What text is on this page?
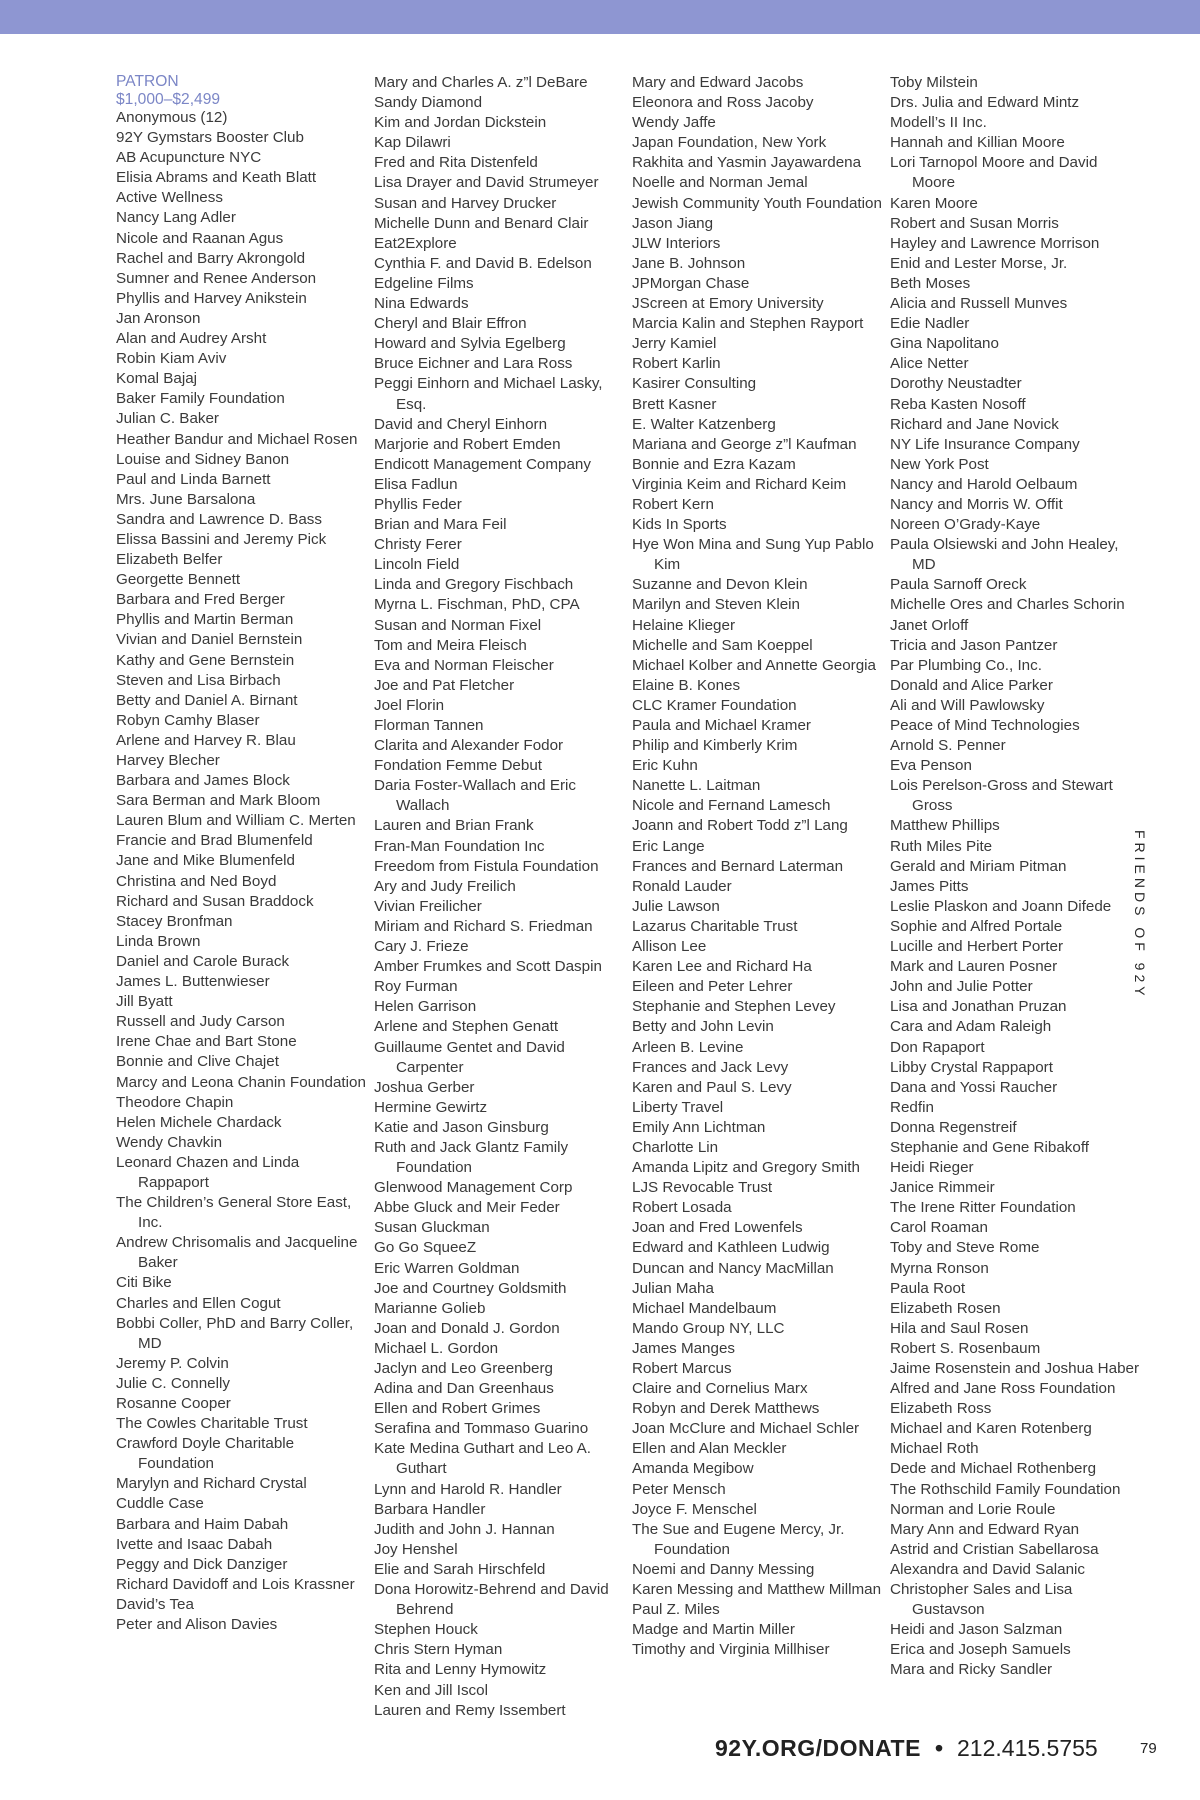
PATRON
$1,000–$2,499
Anonymous (12)
92Y Gymstars Booster Club
AB Acupuncture NYC
Elisia Abrams and Keath Blatt
Active Wellness
Nancy Lang Adler
Nicole and Raanan Agus
Rachel and Barry Akrongold
Sumner and Renee Anderson
Phyllis and Harvey Anikstein
Jan Aronson
Alan and Audrey Arsht
Robin Kiam Aviv
Komal Bajaj
Baker Family Foundation
Julian C. Baker
Heather Bandur and Michael Rosen
Louise and Sidney Banon
Paul and Linda Barnett
Mrs. June Barsalona
Sandra and Lawrence D. Bass
Elissa Bassini and Jeremy Pick
Elizabeth Belfer
Georgette Bennett
Barbara and Fred Berger
Phyllis and Martin Berman
Vivian and Daniel Bernstein
Kathy and Gene Bernstein
Steven and Lisa Birbach
Betty and Daniel A. Birnant
Robyn Camhy Blaser
Arlene and Harvey R. Blau
Harvey Blecher
Barbara and James Block
Sara Berman and Mark Bloom
Lauren Blum and William C. Merten
Francie and Brad Blumenfeld
Jane and Mike Blumenfeld
Christina and Ned Boyd
Richard and Susan Braddock
Stacey Bronfman
Linda Brown
Daniel and Carole Burack
James L. Buttenwieser
Jill Byatt
Russell and Judy Carson
Irene Chae and Bart Stone
Bonnie and Clive Chajet
Marcy and Leona Chanin Foundation
Theodore Chapin
Helen Michele Chardack
Wendy Chavkin
Leonard Chazen and Linda Rappaport
The Children’s General Store East, Inc.
Andrew Chrisomalis and Jacqueline Baker
Citi Bike
Charles and Ellen Cogut
Bobbi Coller, PhD and Barry Coller, MD
Jeremy P. Colvin
Julie C. Connelly
Rosanne Cooper
The Cowles Charitable Trust
Crawford Doyle Charitable Foundation
Marylyn and Richard Crystal
Cuddle Case
Barbara and Haim Dabah
Ivette and Isaac Dabah
Peggy and Dick Danziger
Richard Davidoff and Lois Krassner
David’s Tea
Peter and Alison Davies
Mary and Charles A. z”l DeBare
Sandy Diamond
Kim and Jordan Dickstein
Kap Dilawri
Fred and Rita Distenfeld
Lisa Drayer and David Strumeyer
Susan and Harvey Drucker
Michelle Dunn and Benard Clair
Eat2Explore
Cynthia F. and David B. Edelson
Edgeline Films
Nina Edwards
Cheryl and Blair Effron
Howard and Sylvia Egelberg
Bruce Eichner and Lara Ross
Peggi Einhorn and Michael Lasky, Esq.
David and Cheryl Einhorn
Marjorie and Robert Emden
Endicott Management Company
Elisa Fadlun
Phyllis Feder
Brian and Mara Feil
Christy Ferer
Lincoln Field
Linda and Gregory Fischbach
Myrna L. Fischman, PhD, CPA
Susan and Norman Fixel
Tom and Meira Fleisch
Eva and Norman Fleischer
Joe and Pat Fletcher
Joel Florin
Florman Tannen
Clarita and Alexander Fodor
Fondation Femme Debut
Daria Foster-Wallach and Eric Wallach
Lauren and Brian Frank
Fran-Man Foundation Inc
Freedom from Fistula Foundation
Ary and Judy Freilich
Vivian Freilicher
Miriam and Richard S. Friedman
Cary J. Frieze
Amber Frumkes and Scott Daspin
Roy Furman
Helen Garrison
Arlene and Stephen Genatt
Guillaume Gentet and David Carpenter
Joshua Gerber
Hermine Gewirtz
Katie and Jason Ginsburg
Ruth and Jack Glantz Family Foundation
Glenwood Management Corp
Abbe Gluck and Meir Feder
Susan Gluckman
Go Go SqueeZ
Eric Warren Goldman
Joe and Courtney Goldsmith
Marianne Golieb
Joan and Donald J. Gordon
Michael L. Gordon
Jaclyn and Leo Greenberg
Adina and Dan Greenhaus
Ellen and Robert Grimes
Serafina and Tommaso Guarino
Kate Medina Guthart and Leo A. Guthart
Lynn and Harold R. Handler
Barbara Handler
Judith and John J. Hannan
Joy Henshel
Elie and Sarah Hirschfeld
Dona Horowitz-Behrend and David Behrend
Stephen Houck
Chris Stern Hyman
Rita and Lenny Hymowitz
Ken and Jill Iscol
Lauren and Remy Issembert
Mary and Edward Jacobs
Eleonora and Ross Jacoby
Wendy Jaffe
Japan Foundation, New York
Rakhita and Yasmin Jayawardena
Noelle and Norman Jemal
Jewish Community Youth Foundation
Jason Jiang
JLW Interiors
Jane B. Johnson
JPMorgan Chase
JScreen at Emory University
Marcia Kalin and Stephen Rayport
Jerry Kamiel
Robert Karlin
Kasirer Consulting
Brett Kasner
E. Walter Katzenberg
Mariana and George z”l Kaufman
Bonnie and Ezra Kazam
Virginia Keim and Richard Keim
Robert Kern
Kids In Sports
Hye Won Mina and Sung Yup Pablo Kim
Suzanne and Devon Klein
Marilyn and Steven Klein
Helaine Klieger
Michelle and Sam Koeppel
Michael Kolber and Annette Georgia
Elaine B. Kones
CLC Kramer Foundation
Paula and Michael Kramer
Philip and Kimberly Krim
Eric Kuhn
Nanette L. Laitman
Nicole and Fernand Lamesch
Joann and Robert Todd z”l Lang
Eric Lange
Frances and Bernard Laterman
Ronald Lauder
Julie Lawson
Lazarus Charitable Trust
Allison Lee
Karen Lee and Richard Ha
Eileen and Peter Lehrer
Stephanie and Stephen Levey
Betty and John Levin
Arleen B. Levine
Frances and Jack Levy
Karen and Paul S. Levy
Liberty Travel
Emily Ann Lichtman
Charlotte Lin
Amanda Lipitz and Gregory Smith
LJS Revocable Trust
Robert Losada
Joan and Fred Lowenfels
Edward and Kathleen Ludwig
Duncan and Nancy MacMillan
Julian Maha
Michael Mandelbaum
Mando Group NY, LLC
James Manges
Robert Marcus
Claire and Cornelius Marx
Robyn and Derek Matthews
Joan McClure and Michael Schler
Ellen and Alan Meckler
Amanda Megibow
Peter Mensch
Joyce F. Menschel
The Sue and Eugene Mercy, Jr. Foundation
Noemi and Danny Messing
Karen Messing and Matthew Millman
Paul Z. Miles
Madge and Martin Miller
Timothy and Virginia Millhiser
Toby Milstein
Drs. Julia and Edward Mintz
Modell’s II Inc.
Hannah and Killian Moore
Lori Tarnopol Moore and David Moore
Karen Moore
Robert and Susan Morris
Hayley and Lawrence Morrison
Enid and Lester Morse, Jr.
Beth Moses
Alicia and Russell Munves
Edie Nadler
Gina Napolitano
Alice Netter
Dorothy Neustadter
Reba Kasten Nosoff
Richard and Jane Novick
NY Life Insurance Company
New York Post
Nancy and Harold Oelbaum
Nancy and Morris W. Offit
Noreen O’Grady-Kaye
Paula Olsiewski and John Healey, MD
Paula Sarnoff Oreck
Michelle Ores and Charles Schorin
Janet Orloff
Tricia and Jason Pantzer
Par Plumbing Co., Inc.
Donald and Alice Parker
Ali and Will Pawlowsky
Peace of Mind Technologies
Arnold S. Penner
Eva Penson
Lois Perelson-Gross and Stewart Gross
Matthew Phillips
Ruth Miles Pite
Gerald and Miriam Pitman
James Pitts
Leslie Plaskon and Joann Difede
Sophie and Alfred Portale
Lucille and Herbert Porter
Mark and Lauren Posner
John and Julie Potter
Lisa and Jonathan Pruzan
Cara and Adam Raleigh
Don Rapaport
Libby Crystal Rappaport
Dana and Yossi Raucher
Redfin
Donna Regenstreif
Stephanie and Gene Ribakoff
Heidi Rieger
Janice Rimmeir
The Irene Ritter Foundation
Carol Roaman
Toby and Steve Rome
Myrna Ronson
Paula Root
Elizabeth Rosen
Hila and Saul Rosen
Robert S. Rosenbaum
Jaime Rosenstein and Joshua Haber
Alfred and Jane Ross Foundation
Elizabeth Ross
Michael and Karen Rotenberg
Michael Roth
Dede and Michael Rothenberg
The Rothschild Family Foundation
Norman and Lorie Roule
Mary Ann and Edward Ryan
Astrid and Cristian Sabellarosa
Alexandra and David Salanic
Christopher Sales and Lisa Gustavson
Heidi and Jason Salzman
Erica and Joseph Samuels
Mara and Ricky Sandler
FRIENDS OF 92Y
92Y.ORG/DONATE • 212.415.5755	79
